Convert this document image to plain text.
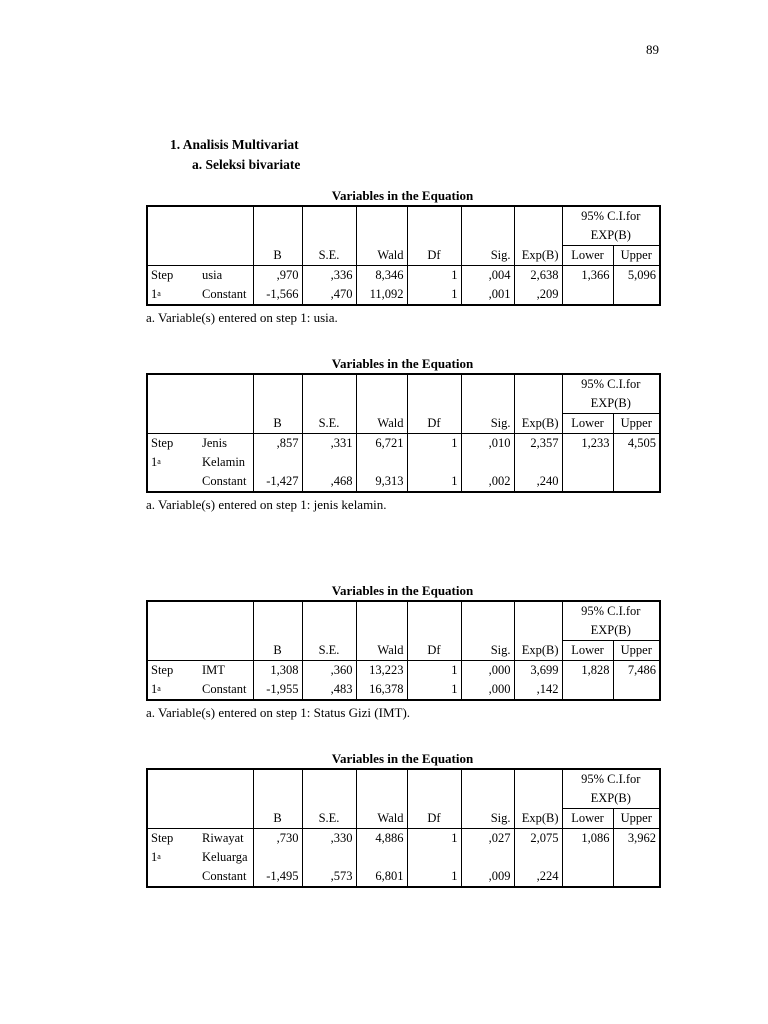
89
1. Analisis Multivariat
a. Seleksi bivariate
Variables in the Equation
								95% C.I.for	
								EXP(B)	
		B	S.E.	Wald	Df	Sig.	Exp(B)	Lower	Upper
Step	usia	,970	,336	8,346	1	,004	2,638	1,366	5,096
1$^a$	Constant	-1,566	,470	11,092	1	,001	,209		
a. Variable(s) entered on step 1: usia.
Variables in the Equation
								95% C.I.for	
								EXP(B)	
		B	S.E.	Wald	Df	Sig.	Exp(B)	Lower	Upper
Step	Jenis	,857	,331	6,721	1	,010	2,357	1,233	4,505
1$^a$	Kelamin								
	Constant	-1,427	,468	9,313	1	,002	,240		
a. Variable(s) entered on step 1: jenis kelamin.
Variables in the Equation
								95% C.I.for	
								EXP(B)	
		B	S.E.	Wald	Df	Sig.	Exp(B)	Lower	Upper
Step	IMT	1,308	,360	13,223	1	,000	3,699	1,828	7,486
1$^a$	Constant	-1,955	,483	16,378	1	,000	,142		
a. Variable(s) entered on step 1: Status Gizi (IMT).
Variables in the Equation
								95% C.I.for	
								EXP(B)	
		B	S.E.	Wald	Df	Sig.	Exp(B)	Lower	Upper
Step	Riwayat	,730	,330	4,886	1	,027	2,075	1,086	3,962
1$^a$	Keluarga								
	Constant	-1,495	,573	6,801	1	,009	,224		
